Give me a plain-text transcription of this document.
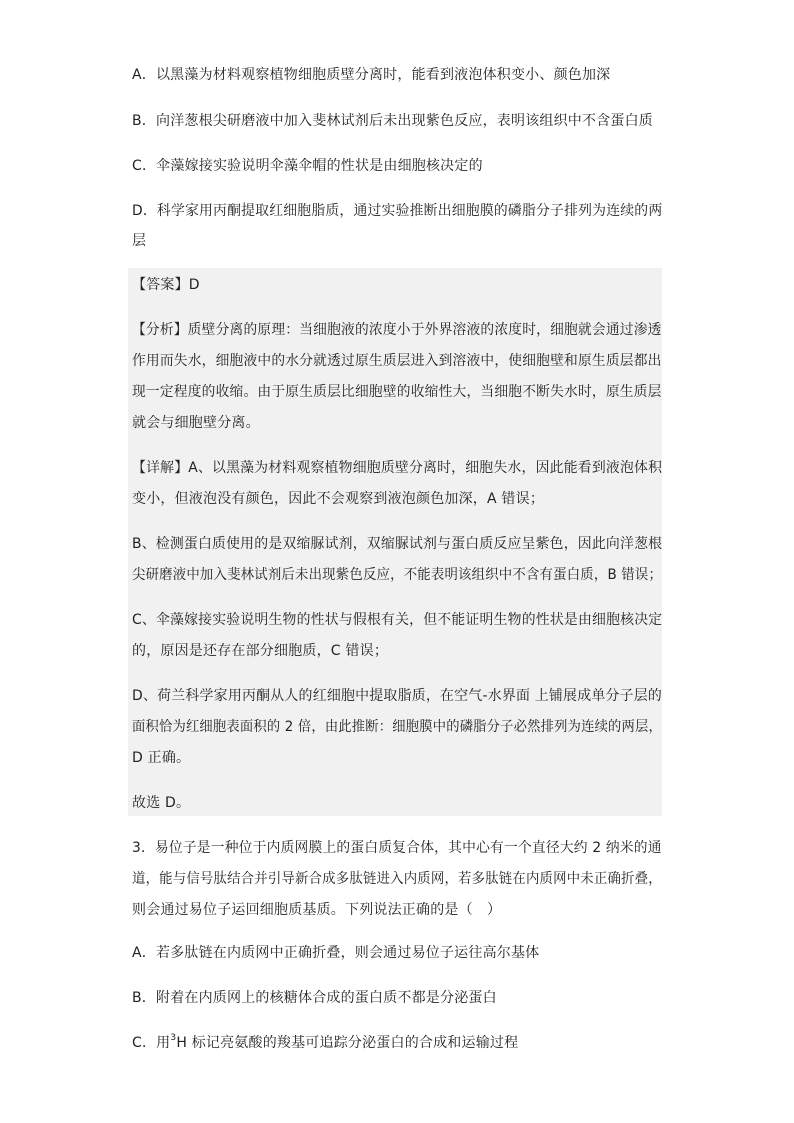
A．以黑藻为材料观察植物细胞质壁分离时，能看到液泡体积变小、颜色加深
B．向洋葱根尖研磨液中加入斐林试剂后未出现紫色反应，表明该组织中不含蛋白质
C．伞藻嫁接实验说明伞藻伞帽的性状是由细胞核决定的
D．科学家用丙酮提取红细胞脂质，通过实验推断出细胞膜的磷脂分子排列为连续的两
层
【答案】D
【分析】质壁分离的原理：当细胞液的浓度小于外界溶液的浓度时，细胞就会通过渗透
作用而失水，细胞液中的水分就透过原生质层进入到溶液中，使细胞壁和原生质层都出
现一定程度的收缩。由于原生质层比细胞壁的收缩性大，当细胞不断失水时，原生质层
就会与细胞壁分离。
【详解】A、以黑藻为材料观察植物细胞质壁分离时，细胞失水，因此能看到液泡体积
变小，但液泡没有颜色，因此不会观察到液泡颜色加深，A 错误；
B、检测蛋白质使用的是双缩脲试剂，双缩脲试剂与蛋白质反应呈紫色，因此向洋葱根
尖研磨液中加入斐林试剂后未出现紫色反应，不能表明该组织中不含有蛋白质，B 错误；
C、伞藻嫁接实验说明生物的性状与假根有关，但不能证明生物的性状是由细胞核决定
的，原因是还存在部分细胞质，C 错误；
D、荷兰科学家用丙酮从人的红细胞中提取脂质，在空气-水界面 上铺展成单分子层的
面积恰为红细胞表面积的 2 倍，由此推断：细胞膜中的磷脂分子必然排列为连续的两层，
D 正确。
故选 D。
3．易位子是一种位于内质网膜上的蛋白质复合体，其中心有一个直径大约 2 纳米的通
道，能与信号肽结合并引导新合成多肽链进入内质网，若多肽链在内质网中未正确折叠，
则会通过易位子运回细胞质基质。下列说法正确的是（　）
A．若多肽链在内质网中正确折叠，则会通过易位子运往高尔基体
B．附着在内质网上的核糖体合成的蛋白质不都是分泌蛋白
C．用$^3$H 标记亮氨酸的羧基可追踪分泌蛋白的合成和运输过程
